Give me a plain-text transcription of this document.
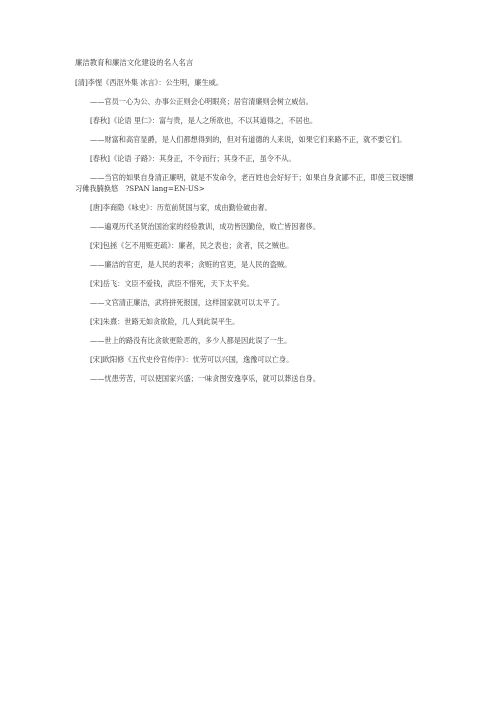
廉洁教育和廉洁文化建设的名人名言

[清]李惺《西沤外集 冰言》：公生明，廉生威。

——官员一心为公、办事公正则会心明眼亮；居官清廉则会树立威信。

[春秋]《论语 里仁》：富与贵，是人之所欲也，不以其道得之，不居也。

——财富和高官显爵，是人们都想得到的，但对有道德的人来说，如果它们来路不正，就不要它们。

[春秋]《论语 子路》：其身正，不令而行；其身不正，虽令不从。

——当官的如果自身清正廉明，就是不发命令，老百姓也会好好干；如果自身贪鄙不正，即使三钗逐犢　习傩我腩换悠　?SPAN lang=EN-US>

[唐]李商隐《咏史》：历览前贤国与家，成由勤俭破由奢。

——遍观历代圣贤治国治家的经验教训，成功皆因勤俭，败亡皆因奢侈。

[宋]包拯《乞不用赃吏疏》：廉者，民之表也；贪者，民之贼也。

——廉洁的官吏，是人民的表率；贪赃的官吏，是人民的盗贼。

[宋]岳飞：文臣不爱钱，武臣不惜死，天下太平矣。

——文官清正廉洁，武将拼死报国，这样国家就可以太平了。

[宋]朱熹：世路无如贪欲险，几人到此误平生。

——世上的路没有比贪欲更险恶的，多少人都是因此误了一生。

[宋]欧阳修《五代史伶官传序》：忧劳可以兴国，逸豫可以亡身。

——忧患劳苦，可以使国家兴盛；一味贪图安逸享乐，就可以葬送自身。
